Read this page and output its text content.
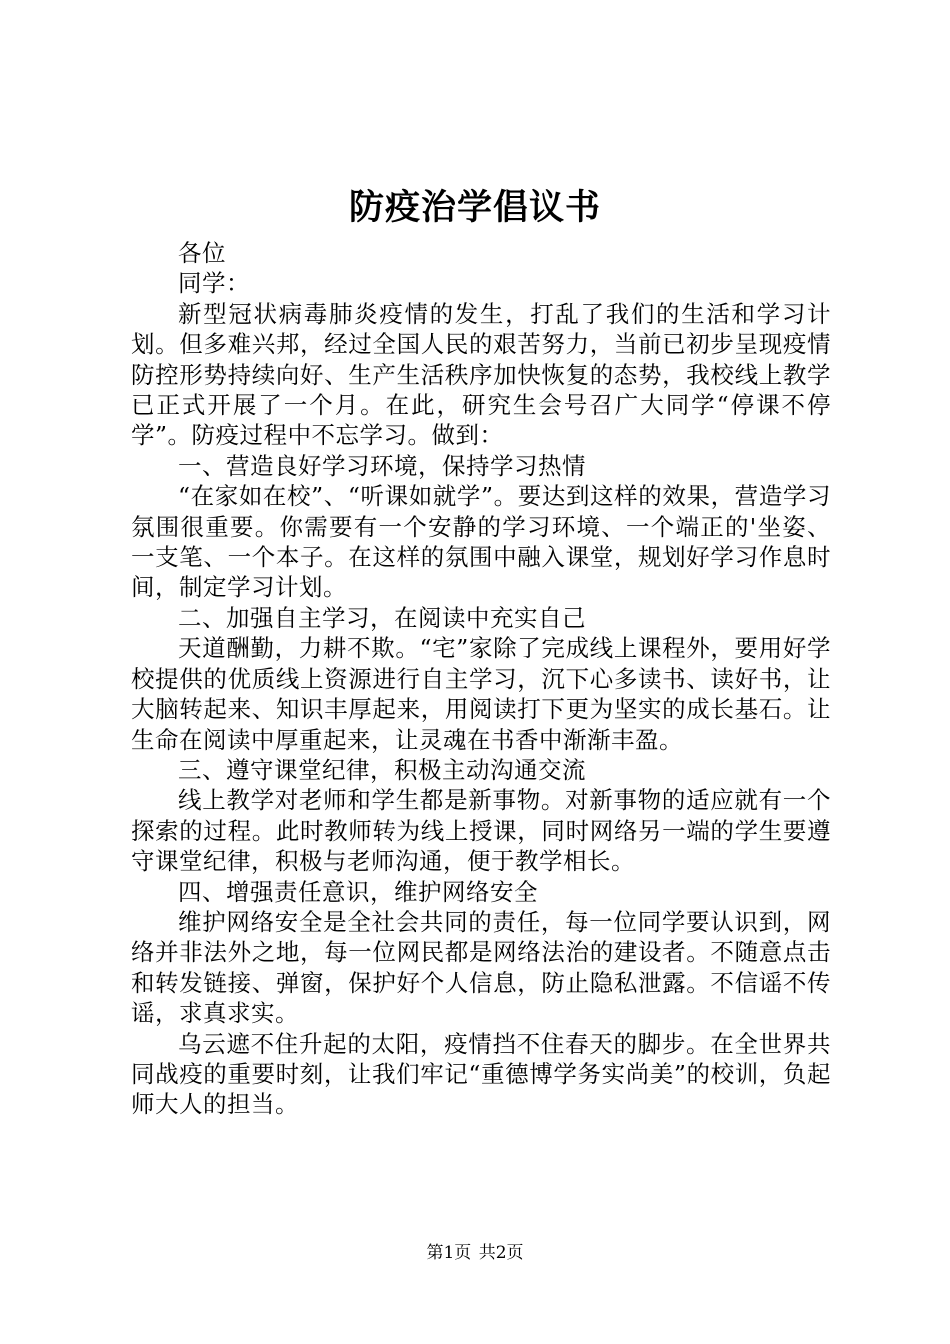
防疫治学倡议书

各位

同学：

新型冠状病毒肺炎疫情的发生，打乱了我们的生活和学习计划。但多难兴邦，经过全国人民的艰苦努力，当前已初步呈现疫情防控形势持续向好、生产生活秩序加快恢复的态势，我校线上教学已正式开展了一个月。在此，研究生会号召广大同学“停课不停学”。防疫过程中不忘学习。做到：

一、营造良好学习环境，保持学习热情

“在家如在校”、“听课如就学”。要达到这样的效果，营造学习氛围很重要。你需要有一个安静的学习环境、一个端正的'坐姿、一支笔、一个本子。在这样的氛围中融入课堂，规划好学习作息时间，制定学习计划。

二、加强自主学习，在阅读中充实自己

天道酬勤，力耕不欺。“宅”家除了完成线上课程外，要用好学校提供的优质线上资源进行自主学习，沉下心多读书、读好书，让大脑转起来、知识丰厚起来，用阅读打下更为坚实的成长基石。让生命在阅读中厚重起来，让灵魂在书香中渐渐丰盈。

三、遵守课堂纪律，积极主动沟通交流

线上教学对老师和学生都是新事物。对新事物的适应就有一个探索的过程。此时教师转为线上授课，同时网络另一端的学生要遵守课堂纪律，积极与老师沟通，便于教学相长。

四、增强责任意识，维护网络安全

维护网络安全是全社会共同的责任，每一位同学要认识到，网络并非法外之地，每一位网民都是网络法治的建设者。不随意点击和转发链接、弹窗，保护好个人信息，防止隐私泄露。不信谣不传谣，求真求实。

乌云遮不住升起的太阳，疫情挡不住春天的脚步。在全世界共同战疫的重要时刻，让我们牢记“重德博学务实尚美”的校训，负起师大人的担当。

第1页 共2页
